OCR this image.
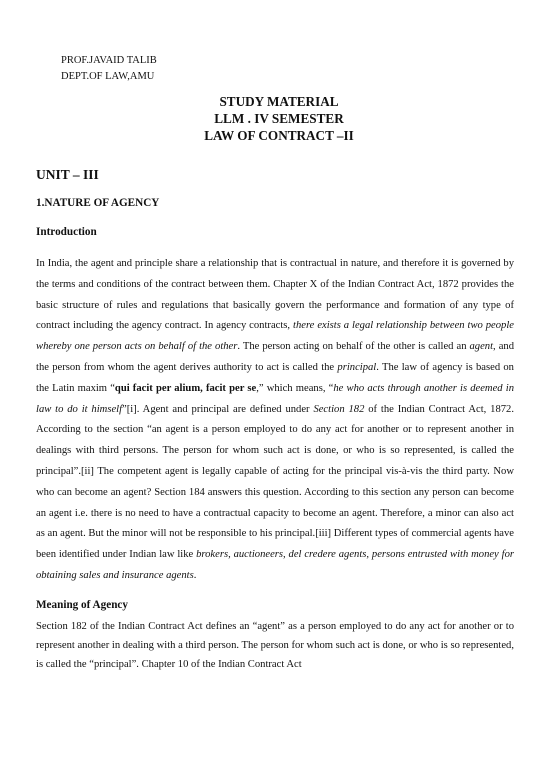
PROF.JAVAID TALIB
DEPT.OF LAW,AMU
STUDY MATERIAL
LLM . IV SEMESTER
LAW OF CONTRACT –II
UNIT – III
1.NATURE OF AGENCY
Introduction

In India, the agent and principle share a relationship that is contractual in nature, and therefore it is governed by the terms and conditions of the contract between them. Chapter X of the Indian Contract Act, 1872 provides the basic structure of rules and regulations that basically govern the performance and formation of any type of contract including the agency contract. In agency contracts, there exists a legal relationship between two people whereby one person acts on behalf of the other. The person acting on behalf of the other is called an agent, and the person from whom the agent derives authority to act is called the principal. The law of agency is based on the Latin maxim “qui facit per alium, facit per se,” which means, “he who acts through another is deemed in law to do it himself”[i]. Agent and principal are defined under Section 182 of the Indian Contract Act, 1872. According to the section “an agent is a person employed to do any act for another or to represent another in dealings with third persons. The person for whom such act is done, or who is so represented, is called the principal”.[ii] The competent agent is legally capable of acting for the principal vis-à-vis the third party. Now who can become an agent? Section 184 answers this question. According to this section any person can become an agent i.e. there is no need to have a contractual capacity to become an agent. Therefore, a minor can also act as an agent. But the minor will not be responsible to his principal.[iii] Different types of commercial agents have been identified under Indian law like brokers, auctioneers, del credere agents, persons entrusted with money for obtaining sales and insurance agents.

Meaning of Agency

Section 182 of the Indian Contract Act defines an “agent” as a person employed to do any act for another or to represent another in dealing with a third person. The person for whom such act is done, or who is so represented, is called the “principal”. Chapter 10 of the Indian Contract Act
